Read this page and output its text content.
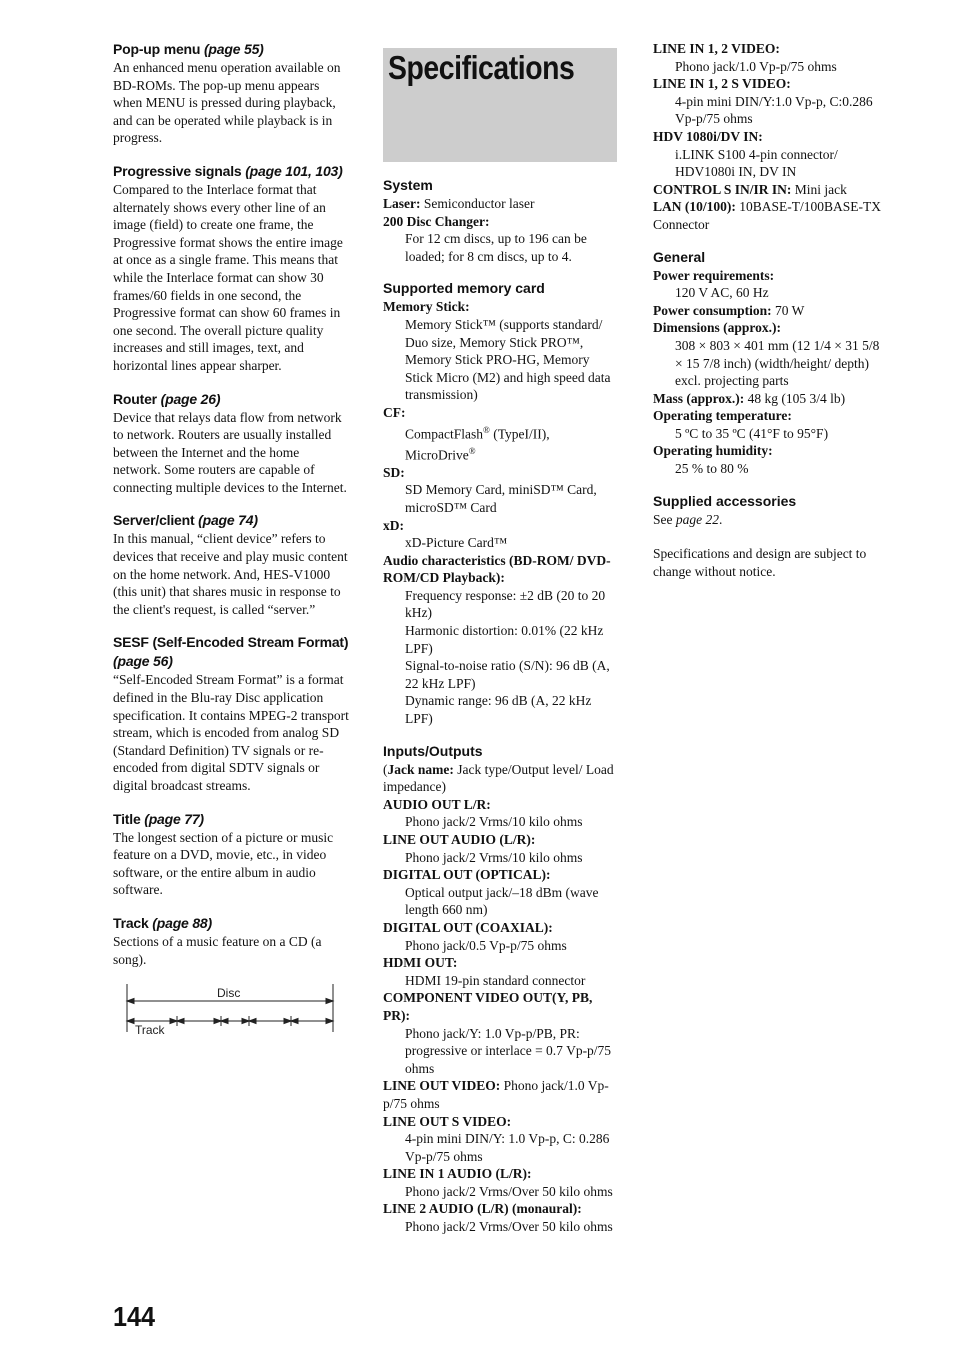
Pop-up menu (page 55)

An enhanced menu operation available on BD-ROMs. The pop-up menu appears when MENU is pressed during playback, and can be operated while playback is in progress.

Progressive signals (page 101, 103)

Compared to the Interlace format that alternately shows every other line of an image (field) to create one frame, the Progressive format shows the entire image at once as a single frame. This means that while the Interlace format can show 30 frames/60 fields in one second, the Progressive format can show 60 frames in one second. The overall picture quality increases and still images, text, and horizontal lines appear sharper.

Router (page 26)

Device that relays data flow from network to network. Routers are usually installed between the Internet and the home network. Some routers are capable of connecting multiple devices to the Internet.

Server/client (page 74)

In this manual, “client device” refers to devices that receive and play music content on the home network. And, HES-V1000 (this unit) that shares music in response to the client's request, is called “server.”

SESF (Self-Encoded Stream Format) (page 56)

“Self-Encoded Stream Format” is a format defined in the Blu-ray Disc application specification. It contains MPEG-2 transport stream, which is encoded from analog SD (Standard Definition) TV signals or re-encoded from digital SDTV signals or digital broadcast streams.

Title (page 77)

The longest section of a picture or music feature on a DVD, movie, etc., in video software, or the entire album in audio software.

Track (page 88)

Sections of a music feature on a CD (a song).

Disc
Track
Specifications

System

Laser: Semiconductor laser
200 Disc Changer:
For 12 cm discs, up to 196 can be loaded; for 8 cm discs, up to 4.

Supported memory card

Memory Stick:
Memory Stick™ (supports standard/ Duo size, Memory Stick PRO™, Memory Stick PRO-HG, Memory Stick Micro (M2) and high speed data transmission)
CF:
CompactFlash® (TypeI/II), MicroDrive®
SD:
SD Memory Card, miniSD™ Card, microSD™ Card
xD:
xD-Picture Card™
Audio characteristics (BD-ROM/ DVD-ROM/CD Playback):
Frequency response: ±2 dB (20 to 20 kHz)
Harmonic distortion: 0.01% (22 kHz LPF)
Signal-to-noise ratio (S/N): 96 dB (A, 22 kHz LPF)
Dynamic range: 96 dB (A, 22 kHz LPF)

Inputs/Outputs

(Jack name: Jack type/Output level/ Load impedance)
AUDIO OUT L/R:
Phono jack/2 Vrms/10 kilo ohms
LINE OUT AUDIO (L/R):
Phono jack/2 Vrms/10 kilo ohms
DIGITAL OUT (OPTICAL):
Optical output jack/–18 dBm (wave length 660 nm)
DIGITAL OUT (COAXIAL):
Phono jack/0.5 Vp-p/75 ohms
HDMI OUT:
HDMI 19-pin standard connector
COMPONENT VIDEO OUT(Y, PB, PR):
Phono jack/Y: 1.0 Vp-p/PB, PR: progressive or interlace = 0.7 Vp-p/75 ohms
LINE OUT VIDEO: Phono jack/1.0 Vp-p/75 ohms
LINE OUT S VIDEO:
4-pin mini DIN/Y: 1.0 Vp-p, C: 0.286 Vp-p/75 ohms
LINE IN 1 AUDIO (L/R):
Phono jack/2 Vrms/Over 50 kilo ohms
LINE 2 AUDIO (L/R) (monaural):
Phono jack/2 Vrms/Over 50 kilo ohms
LINE IN 1, 2 VIDEO:
Phono jack/1.0 Vp-p/75 ohms
LINE IN 1, 2 S VIDEO:
4-pin mini DIN/Y:1.0 Vp-p, C:0.286 Vp-p/75 ohms
HDV 1080i/DV IN:
i.LINK S100 4-pin connector/ HDV1080i IN, DV IN
CONTROL S IN/IR IN: Mini jack
LAN (10/100): 10BASE-T/100BASE-TX Connector

General

Power requirements:
120 V AC, 60 Hz
Power consumption: 70 W
Dimensions (approx.):
308 × 803 × 401 mm (12 1/4 × 31 5/8 × 15 7/8 inch) (width/height/ depth) excl. projecting parts
Mass (approx.): 48 kg (105 3/4 lb)
Operating temperature:
5 ºC to 35 ºC (41°F to 95°F)
Operating humidity:
25 % to 80 %

Supplied accessories

See page 22.
Specifications and design are subject to change without notice.
144
